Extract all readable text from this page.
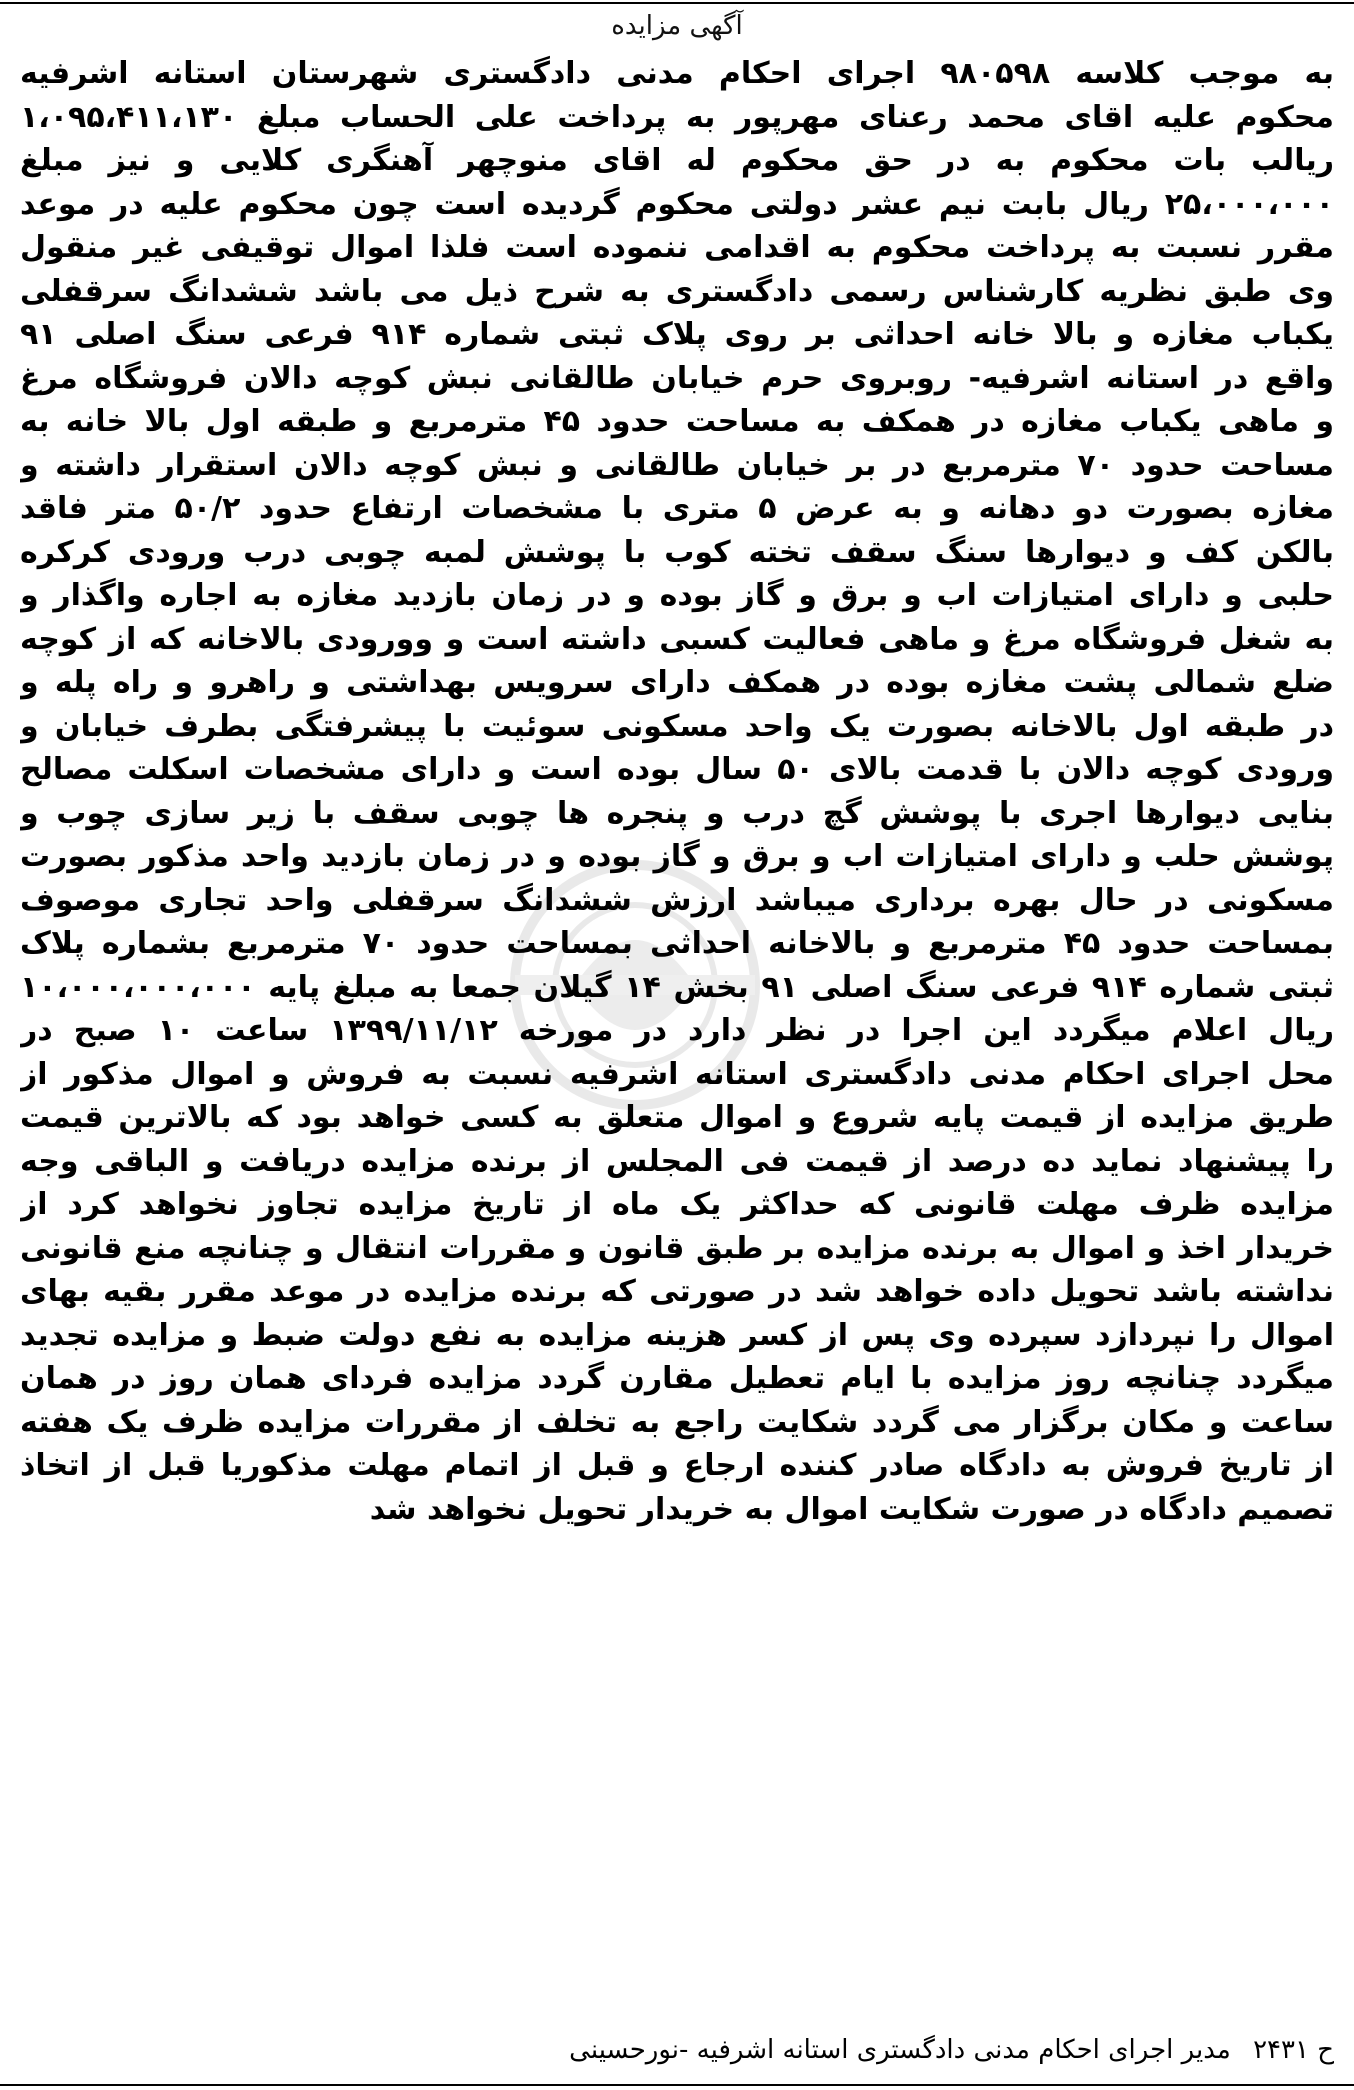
آگهی مزایده
به موجب کلاسه ۹۸۰۵۹۸ اجرای احکام مدنی دادگستری شهرستان استانه اشرفیه
محکوم علیه اقای محمد رعنای مهرپور به پرداخت علی الحساب مبلغ ۱،۰۹۵،۴۱۱،۱۳۰
ریالب بات محکوم به در حق محکوم له اقای منوچهر آهنگری کلایی و نیز مبلغ
۲۵،۰۰۰،۰۰۰ ریال بابت نیم عشر دولتی محکوم گردیده است چون محکوم علیه در موعد
مقرر نسبت به پرداخت محکوم به اقدامی ننموده است فلذا اموال توقیفی غیر منقول
وی طبق نظریه کارشناس رسمی دادگستری به شرح ذیل می باشد ششدانگ سرقفلی
یکباب مغازه و بالا خانه احداثی بر روی پلاک ثبتی شماره ۹۱۴ فرعی سنگ اصلی ۹۱
واقع در استانه اشرفیه- روبروی حرم خیابان طالقانی نبش کوچه دالان فروشگاه مرغ
و ماهی یکباب مغازه در همکف به مساحت حدود ۴۵ مترمربع و طبقه اول بالا خانه به
مساحت حدود ۷۰ مترمربع در بر خیابان طالقانی و نبش کوچه دالان استقرار داشته و
مغازه بصورت دو دهانه و به عرض ۵ متری با مشخصات ارتفاع حدود ۵۰/۲ متر فاقد
بالکن کف و دیوارها سنگ سقف تخته کوب با پوشش لمبه چوبی درب ورودی کرکره
حلبی و دارای امتیازات اب و برق و گاز بوده و در زمان بازدید مغازه به اجاره واگذار و
به شغل فروشگاه مرغ و ماهی فعالیت کسبی داشته است و وورودی بالاخانه که از کوچه
ضلع شمالی پشت مغازه بوده در همکف دارای سرویس بهداشتی و راهرو و راه پله و
در طبقه اول بالاخانه بصورت یک واحد مسکونی سوئیت با پیشرفتگی بطرف خیابان و
ورودی کوچه دالان با قدمت بالای ۵۰ سال بوده است و دارای مشخصات اسکلت مصالح
بنایی دیوارها اجری با پوشش گچ درب و پنجره ها چوبی سقف با زیر سازی چوب و
پوشش حلب و دارای امتیازات اب و برق و گاز بوده و در زمان بازدید واحد مذکور بصورت
مسکونی در حال بهره برداری میباشد ارزش ششدانگ سرقفلی واحد تجاری موصوف
بمساحت حدود ۴۵ مترمربع و بالاخانه احداثی بمساحت حدود ۷۰ مترمربع بشماره پلاک
ثبتی شماره ۹۱۴ فرعی سنگ اصلی ۹۱ بخش ۱۴ گیلان جمعا به مبلغ پایه ۱۰،۰۰۰،۰۰۰،۰۰۰
ریال اعلام میگردد این اجرا در نظر دارد در مورخه ۱۳۹۹/۱۱/۱۲ ساعت ۱۰ صبح در
محل اجرای احکام مدنی دادگستری استانه اشرفیه نسبت به فروش و اموال مذکور از
طریق مزایده از قیمت پایه شروع و اموال متعلق به کسی خواهد بود که بالاترین قیمت
را پیشنهاد نماید ده درصد از قیمت فی المجلس از برنده مزایده دریافت و الباقی وجه
مزایده ظرف مهلت قانونی که حداکثر یک ماه از تاریخ مزایده تجاوز نخواهد کرد از
خریدار اخذ و اموال به برنده مزایده بر طبق قانون و مقررات انتقال و چنانچه منع قانونی
نداشته باشد تحویل داده خواهد شد در صورتی که برنده مزایده در موعد مقرر بقیه بهای
اموال را نپردازد سپرده وی پس از کسر هزینه مزایده به نفع دولت ضبط و مزایده تجدید
میگردد چنانچه روز مزایده با ایام تعطیل مقارن گردد مزایده فردای همان روز در همان
ساعت و مکان برگزار می گردد شکایت راجع به تخلف از مقررات مزایده ظرف یک هفته
از تاریخ فروش به دادگاه صادر کننده ارجاع و قبل از اتمام مهلت مذکوریا قبل از اتخاذ
تصمیم دادگاه در صورت شکایت اموال به خریدار تحویل نخواهد شد
ح ۲۴۳۱ مدیر اجرای احکام مدنی دادگستری استانه اشرفیه -نورحسینی
